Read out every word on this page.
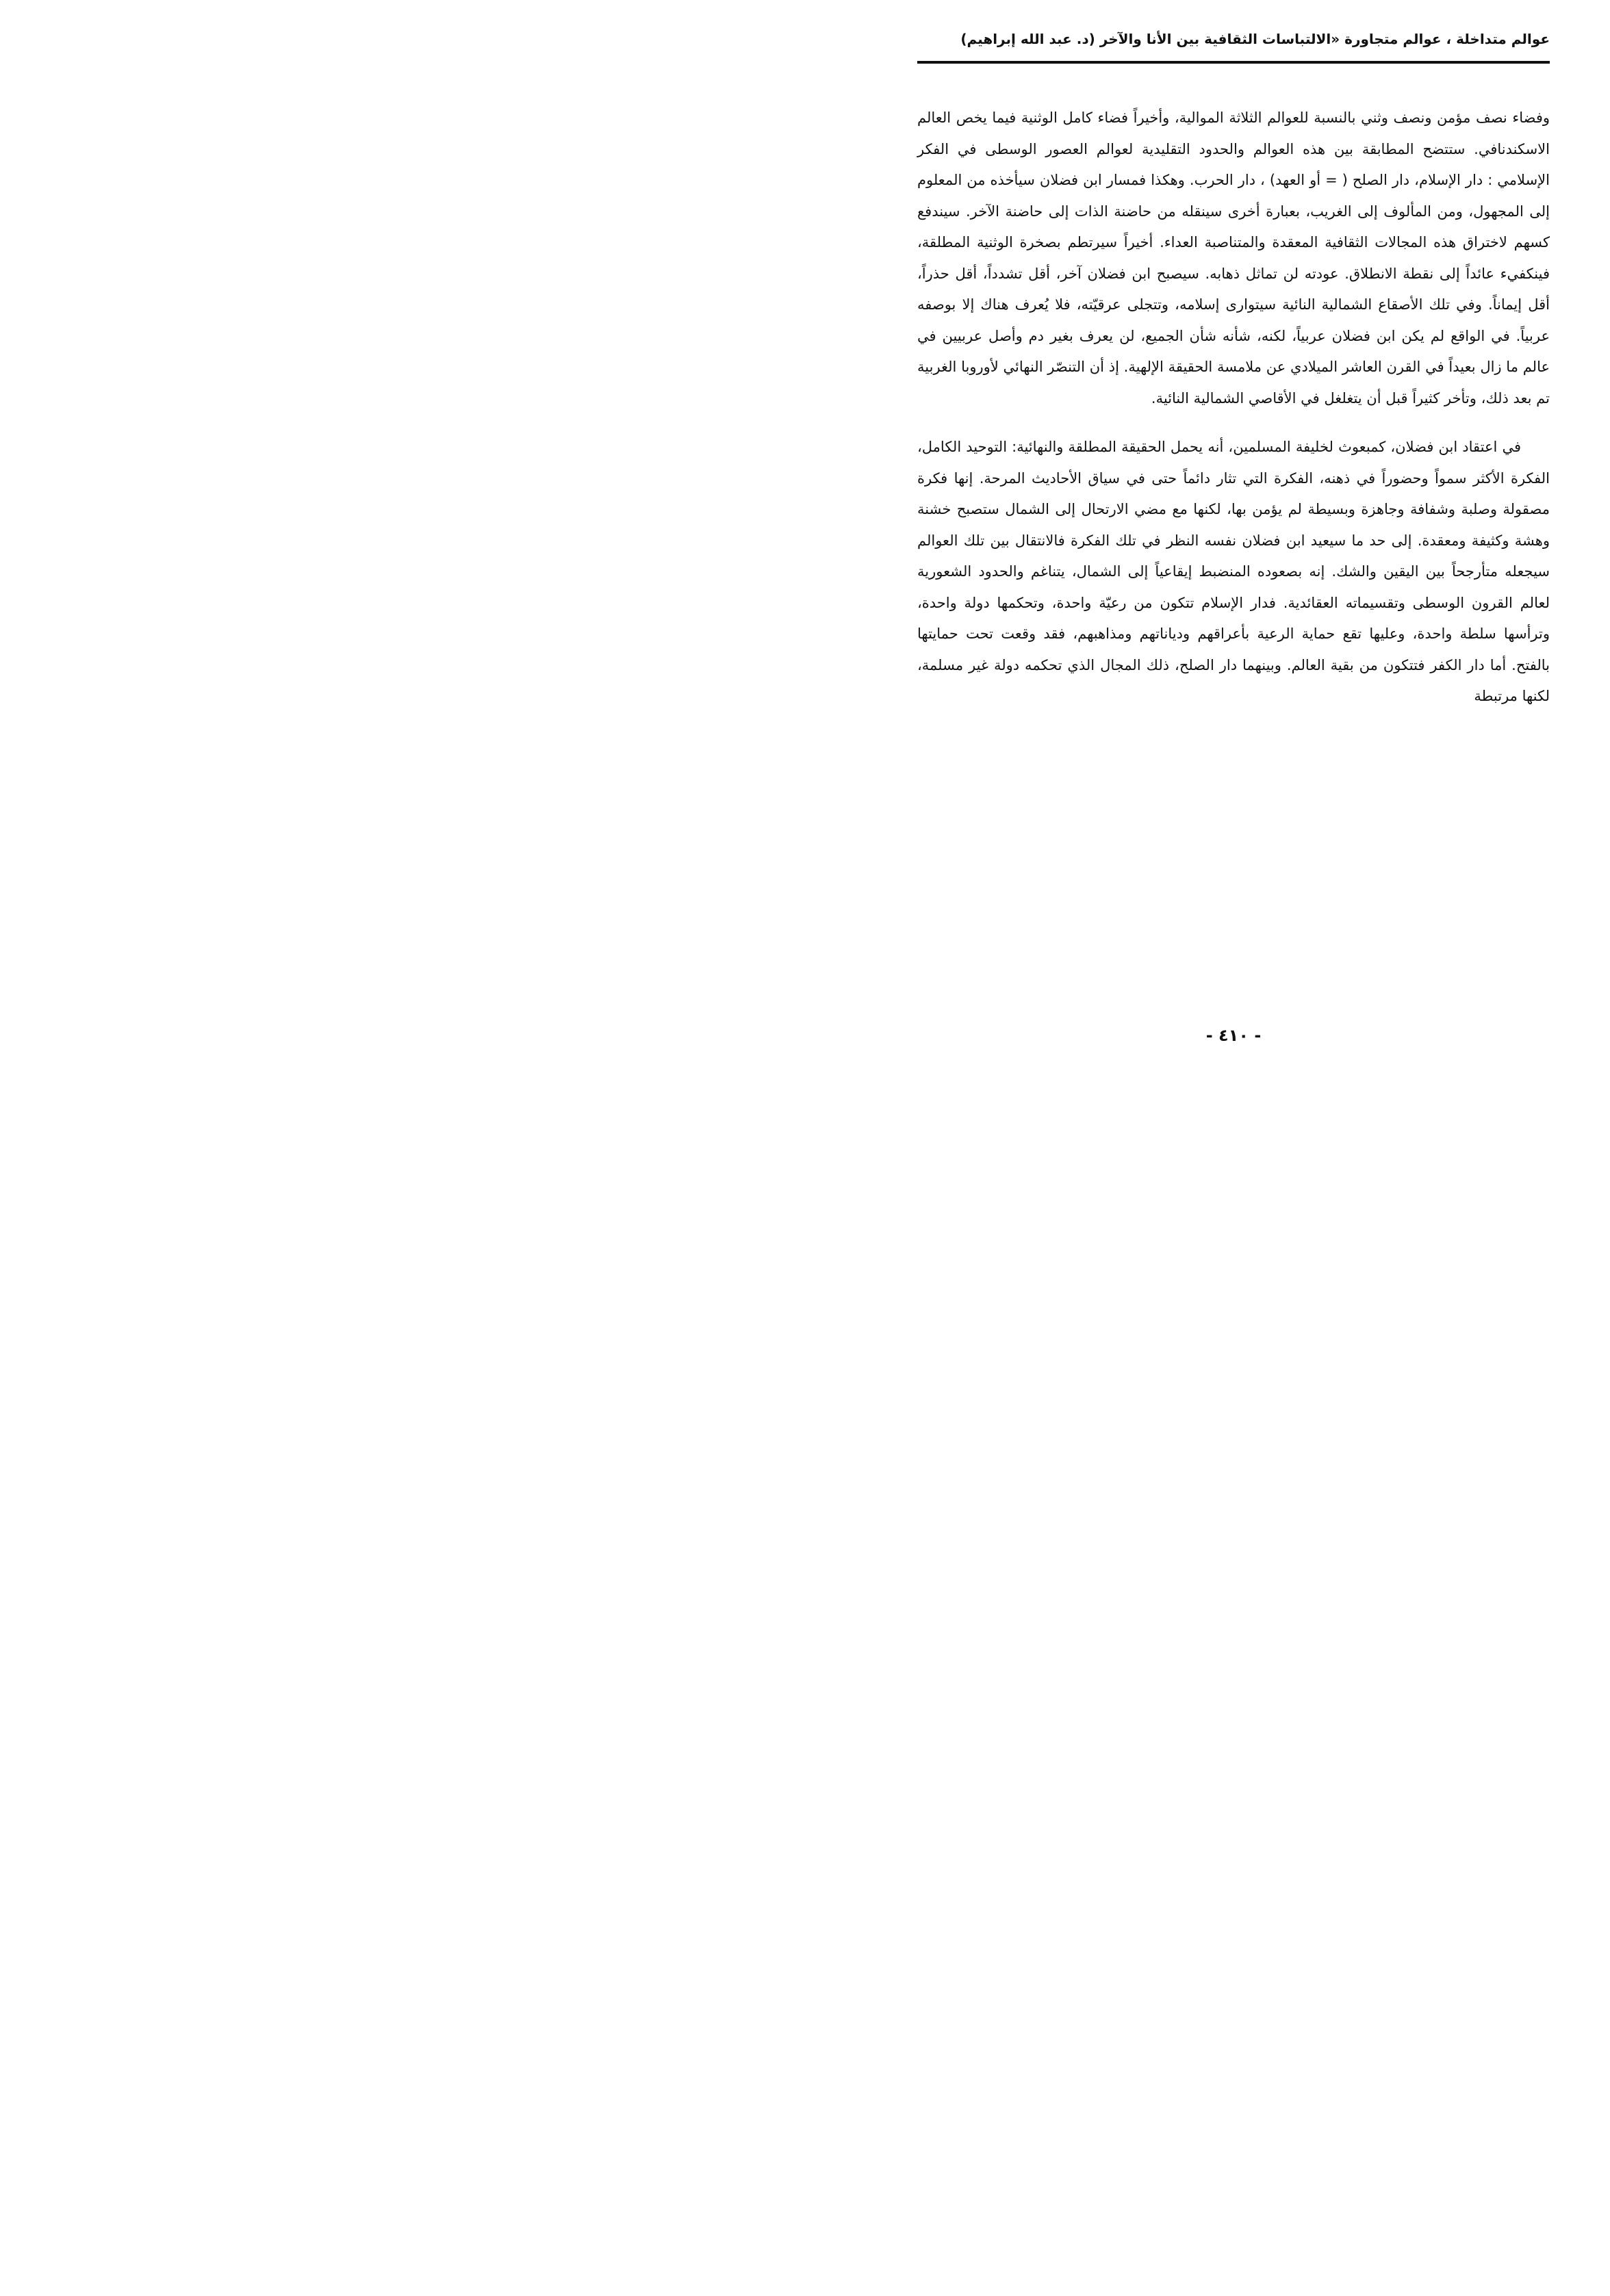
عوالم متداخلة ، عوالم متجاورة «الالتباسات الثقافية بين الأنا والآخر (د. عبد الله إبراهيم)

وفضاء نصف مؤمن ونصف وثني بالنسبة للعوالم الثلاثة الموالية، وأخيراً فضاء كامل الوثنية فيما يخص العالم الاسكندنافي. ستتضح المطابقة بين هذه العوالم والحدود التقليدية لعوالم العصور الوسطى في الفكر الإسلامي : دار الإسلام، دار الصلح ( = أو العهد) ، دار الحرب. وهكذا فمسار ابن فضلان سيأخذه من المعلوم إلى المجهول، ومن المألوف إلى الغريب، بعبارة أخرى سينقله من حاضنة الذات إلى حاضنة الآخر. سيندفع كسهم لاختراق هذه المجالات الثقافية المعقدة والمتناصبة العداء. أخيراً سيرتطم بصخرة الوثنية المطلقة، فينكفيء عائداً إلى نقطة الانطلاق. عودته لن تماثل ذهابه. سيصبح ابن فضلان آخر، أقل تشدداً، أقل حذراً، أقل إيماناً. وفي تلك الأصقاع الشمالية النائية سيتوارى إسلامه، وتتجلى عرقيّته، فلا يُعرف هناك إلا بوصفه عربياً. في الواقع لم يكن ابن فضلان عربياً، لكنه، شأنه شأن الجميع، لن يعرف بغير دم وأصل عربيين في عالم ما زال بعيداً في القرن العاشر الميلادي عن ملامسة الحقيقة الإلهية. إذ أن التنصّر النهائي لأوروبا الغربية تم بعد ذلك، وتأخر كثيراً قبل أن يتغلغل في الأقاصي الشمالية النائية.

في اعتقاد ابن فضلان، كمبعوث لخليفة المسلمين، أنه يحمل الحقيقة المطلقة والنهائية: التوحيد الكامل، الفكرة الأكثر سمواً وحضوراً في ذهنه، الفكرة التي تثار دائماً حتى في سياق الأحاديث المرحة. إنها فكرة مصقولة وصلبة وشفافة وجاهزة وبسيطة لم يؤمن بها، لكنها مع مضي الارتحال إلى الشمال ستصبح خشنة وهشة وكثيفة ومعقدة. إلى حد ما سيعيد ابن فضلان نفسه النظر في تلك الفكرة فالانتقال بين تلك العوالم سيجعله متأرجحاً بين اليقين والشك. إنه بصعوده المنضبط إيقاعياً إلى الشمال، يتناغم والحدود الشعورية لعالم القرون الوسطى وتقسيماته العقائدية. فدار الإسلام تتكون من رعيّة واحدة، وتحكمها دولة واحدة، وترأسها سلطة واحدة، وعليها تقع حماية الرعية بأعراقهم ودياناتهم ومذاهبهم، فقد وقعت تحت حمايتها بالفتح. أما دار الكفر فتتكون من بقية العالم. وبينهما دار الصلح، ذلك المجال الذي تحكمه دولة غير مسلمة، لكنها مرتبطة

- ٤١٠ -
